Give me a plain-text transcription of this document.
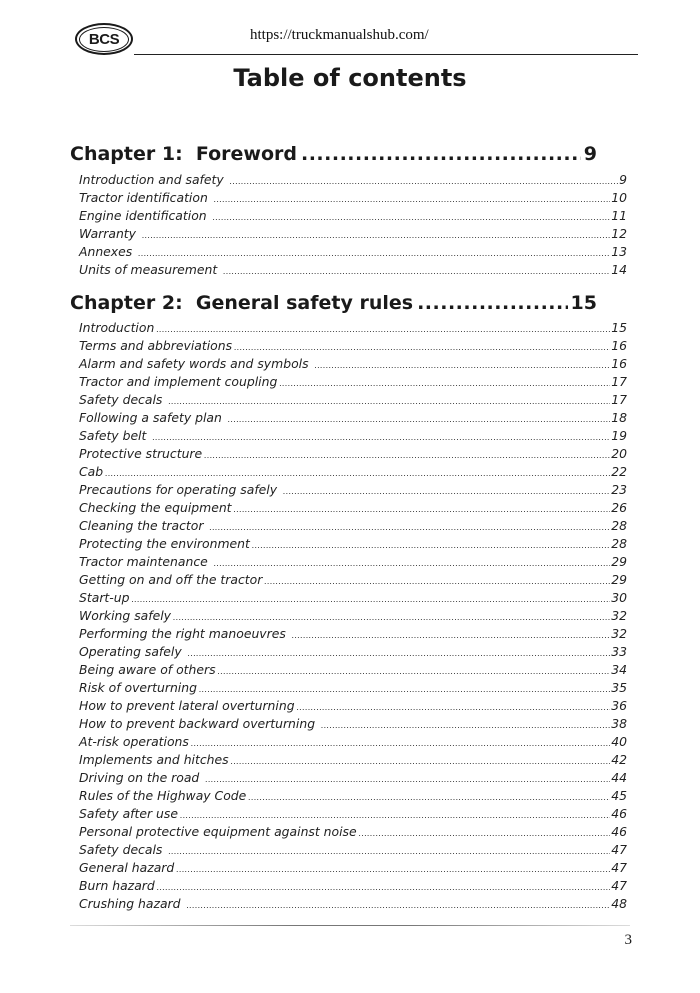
BCS	https://truckmanualshub.com/
Table of contents
Chapter 1:  Foreword .....	9
Introduction and safety .....	9
Tractor identification .....	10
Engine identification .....	11
Warranty .....	12
Annexes .....	13
Units of measurement .....	14
Chapter 2:  General safety rules .....	15
Introduction .....	15
Terms and abbreviations .....	16
Alarm and safety words and symbols .....	16
Tractor and implement coupling .....	17
Safety decals .....	17
Following a safety plan .....	18
Safety belt .....	19
Protective structure .....	20
Cab .....	22
Precautions for operating safely .....	23
Checking the equipment .....	26
Cleaning the tractor .....	28
Protecting the environment .....	28
Tractor maintenance .....	29
Getting on and off the tractor .....	29
Start-up .....	30
Working safely .....	32
Performing the right manoeuvres .....	32
Operating safely .....	33
Being aware of others .....	34
Risk of overturning .....	35
How to prevent lateral overturning .....	36
How to prevent backward overturning .....	38
At-risk operations .....	40
Implements and hitches .....	42
Driving on the road .....	44
Rules of the Highway Code .....	45
Safety after use .....	46
Personal protective equipment against noise .....	46
Safety decals .....	47
General hazard .....	47
Burn hazard .....	47
Crushing hazard .....	48
3
